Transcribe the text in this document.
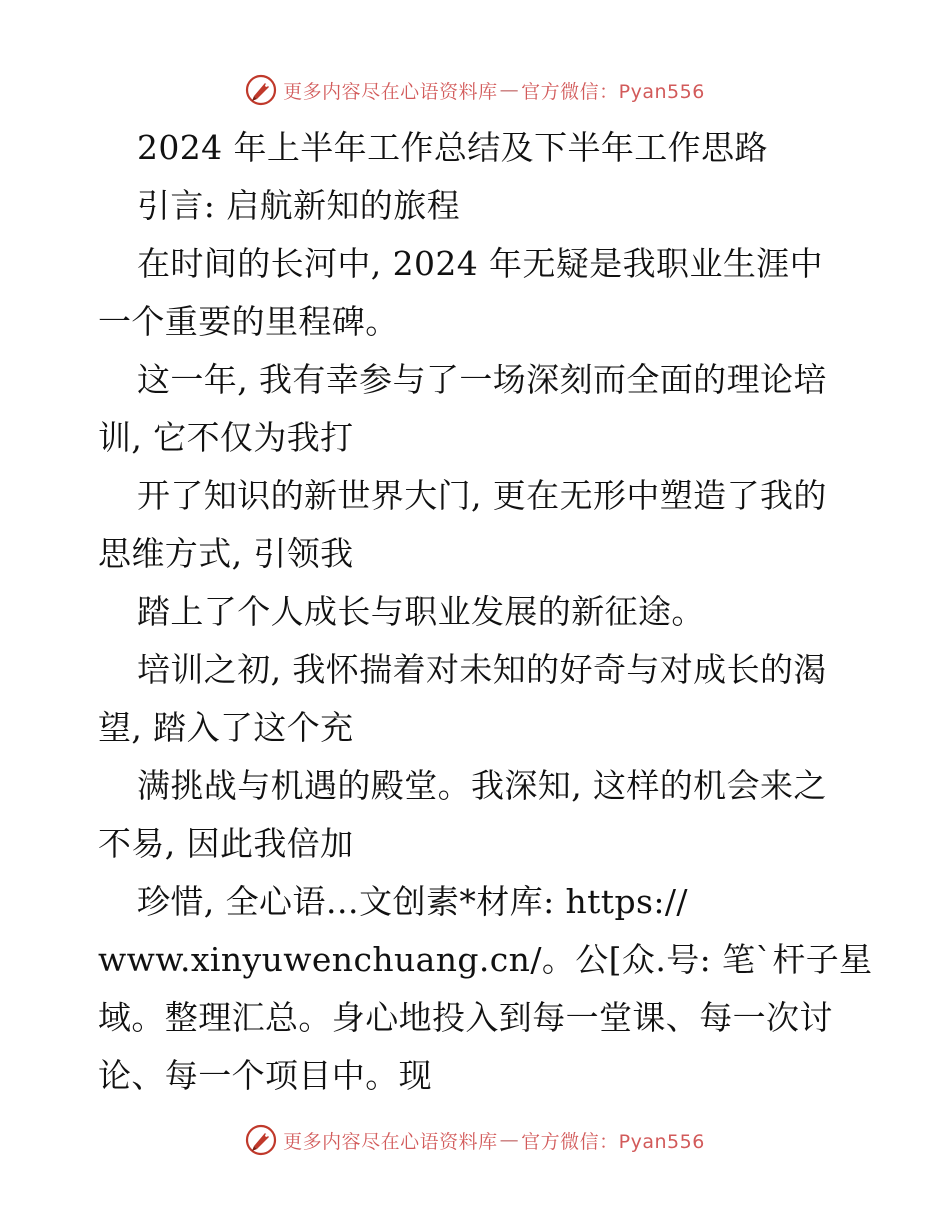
更多内容尽在心语资料库 — 官方微信：Pyan556
2024 年上半年工作总结及下半年工作思路
引言: 启航新知的旅程
在时间的长河中, 2024 年无疑是我职业生涯中
一个重要的里程碑。
这一年, 我有幸参与了一场深刻而全面的理论培
训, 它不仅为我打
开了知识的新世界大门, 更在无形中塑造了我的
思维方式, 引领我
踏上了个人成长与职业发展的新征途。
培训之初, 我怀揣着对未知的好奇与对成长的渴
望, 踏入了这个充
满挑战与机遇的殿堂。我深知, 这样的机会来之
不易, 因此我倍加
珍惜, 全心语…文创素*材库: https://
www.xinyuwenchuang.cn/。公[众.号: 笔`杆子星
域。整理汇总。身心地投入到每一堂课、每一次讨
论、每一个项目中。现
更多内容尽在心语资料库 — 官方微信：Pyan556
